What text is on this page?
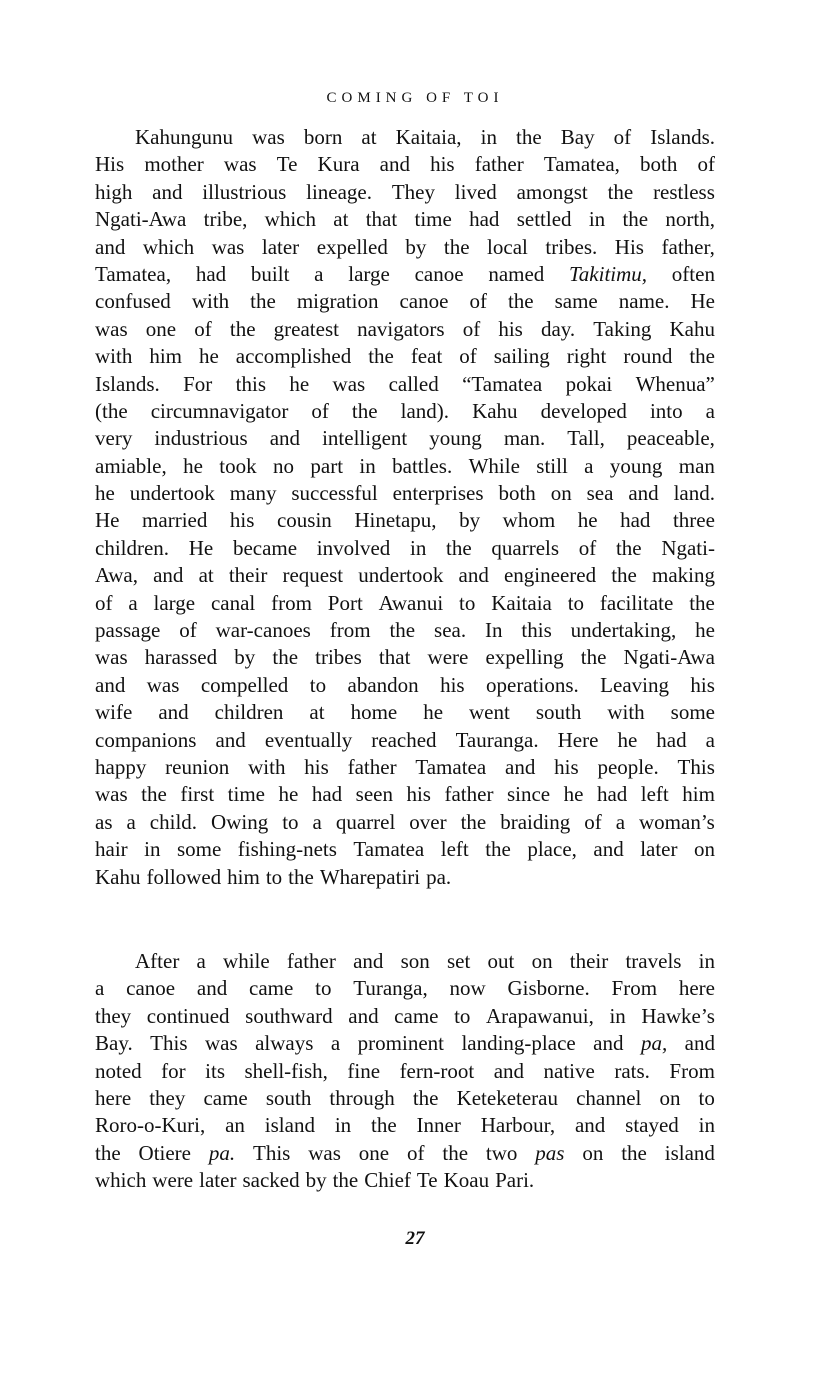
COMING OF TOI
Kahungunu was born at Kaitaia, in the Bay of Islands.
His mother was Te Kura and his father Tamatea, both of
high and illustrious lineage. They lived amongst the restless
Ngati-Awa tribe, which at that time had settled in the north,
and which was later expelled by the local tribes. His father,
Tamatea, had built a large canoe named Takitimu, often
confused with the migration canoe of the same name. He
was one of the greatest navigators of his day. Taking Kahu
with him he accomplished the feat of sailing right round the
Islands. For this he was called “Tamatea pokai Whenua”
(the circumnavigator of the land). Kahu developed into a
very industrious and intelligent young man. Tall, peaceable,
amiable, he took no part in battles. While still a young man
he undertook many successful enterprises both on sea and land.
He married his cousin Hinetapu, by whom he had three
children. He became involved in the quarrels of the Ngati-
Awa, and at their request undertook and engineered the making
of a large canal from Port Awanui to Kaitaia to facilitate the
passage of war-canoes from the sea. In this undertaking, he
was harassed by the tribes that were expelling the Ngati-Awa
and was compelled to abandon his operations. Leaving his
wife and children at home he went south with some
companions and eventually reached Tauranga. Here he had a
happy reunion with his father Tamatea and his people. This
was the first time he had seen his father since he had left him
as a child. Owing to a quarrel over the braiding of a woman’s
hair in some fishing-nets Tamatea left the place, and later on
Kahu followed him to the Wharepatiri pa.
After a while father and son set out on their travels in
a canoe and came to Turanga, now Gisborne. From here
they continued southward and came to Arapawanui, in Hawke’s
Bay. This was always a prominent landing-place and pa, and
noted for its shell-fish, fine fern-root and native rats. From
here they came south through the Keteketerau channel on to
Roro-o-Kuri, an island in the Inner Harbour, and stayed in
the Otiere pa. This was one of the two pas on the island
which were later sacked by the Chief Te Koau Pari.
27
